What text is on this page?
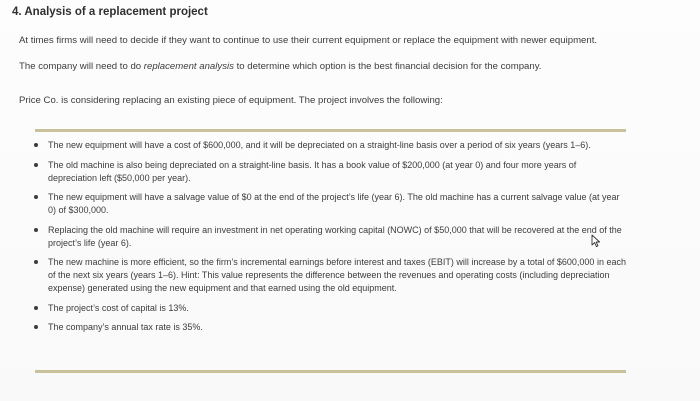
4. Analysis of a replacement project

At times firms will need to decide if they want to continue to use their current equipment or replace the equipment with newer equipment.

The company will need to do replacement analysis to determine which option is the best financial decision for the company.

Price Co. is considering replacing an existing piece of equipment. The project involves the following:

The new equipment will have a cost of $600,000, and it will be depreciated on a straight-line basis over a period of six years (years 1–6).
The old machine is also being depreciated on a straight-line basis. It has a book value of $200,000 (at year 0) and four more years of depreciation left ($50,000 per year).
The new equipment will have a salvage value of $0 at the end of the project’s life (year 6). The old machine has a current salvage value (at year 0) of $300,000.
Replacing the old machine will require an investment in net operating working capital (NOWC) of $50,000 that will be recovered at the end of the project’s life (year 6).
The new machine is more efficient, so the firm’s incremental earnings before interest and taxes (EBIT) will increase by a total of $600,000 in each of the next six years (years 1–6). Hint: This value represents the difference between the revenues and operating costs (including depreciation expense) generated using the new equipment and that earned using the old equipment.
The project’s cost of capital is 13%.
The company’s annual tax rate is 35%.
